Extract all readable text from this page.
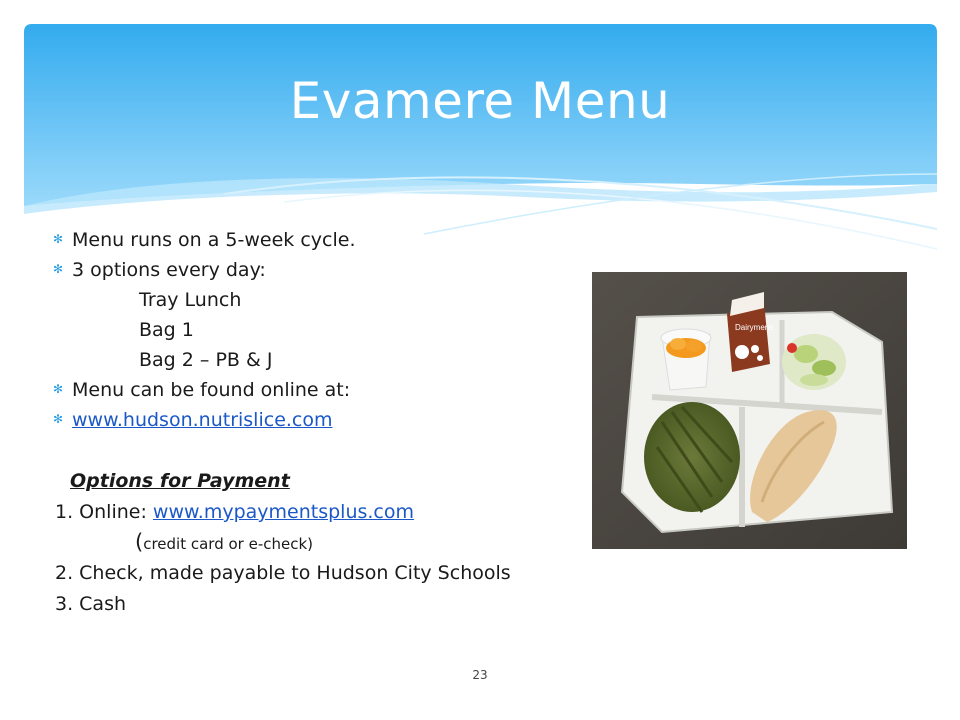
Evamere Menu
✻ Menu runs on a 5-week cycle.
✻ 3 options every day:
Tray Lunch
Bag 1
Bag 2 – PB & J
✻ Menu can be found online at:
✻ www.hudson.nutrislice.com
Options for Payment
1. Online: www.mypaymentsplus.com
(credit card or e-check)
2. Check, made payable to Hudson City Schools
3. Cash
Dairymens
23
